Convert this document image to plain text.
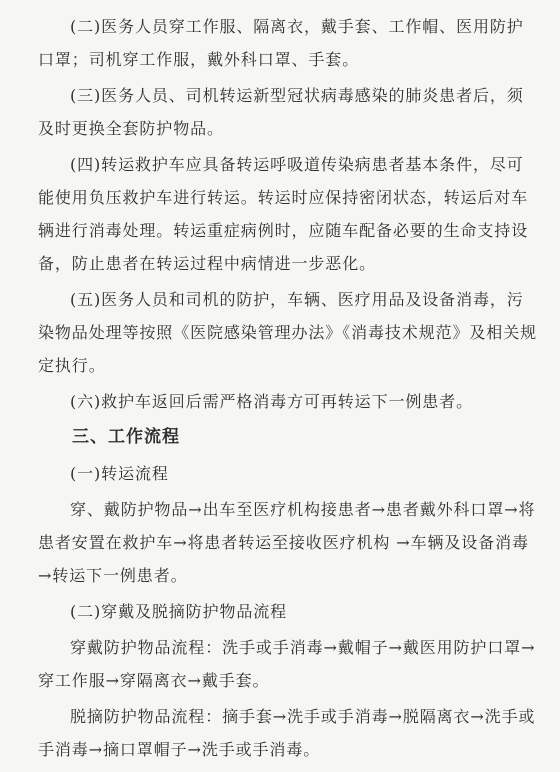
(二)医务人员穿工作服、隔离衣，戴手套、工作帽、医用防护口罩；司机穿工作服，戴外科口罩、手套。

(三)医务人员、司机转运新型冠状病毒感染的肺炎患者后，须及时更换全套防护物品。

(四)转运救护车应具备转运呼吸道传染病患者基本条件，尽可能使用负压救护车进行转运。转运时应保持密闭状态，转运后对车辆进行消毒处理。转运重症病例时，应随车配备必要的生命支持设备，防止患者在转运过程中病情进一步恶化。

(五)医务人员和司机的防护，车辆、医疗用品及设备消毒，污染物品处理等按照《医院感染管理办法》《消毒技术规范》及相关规定执行。

(六)救护车返回后需严格消毒方可再转运下一例患者。

三、工作流程

(一)转运流程

穿、戴防护物品→出车至医疗机构接患者→患者戴外科口罩→将患者安置在救护车→将患者转运至接收医疗机构 →车辆及设备消毒→转运下一例患者。

(二)穿戴及脱摘防护物品流程

穿戴防护物品流程：洗手或手消毒→戴帽子→戴医用防护口罩→穿工作服→穿隔离衣→戴手套。

脱摘防护物品流程：摘手套→洗手或手消毒→脱隔离衣→洗手或手消毒→摘口罩帽子→洗手或手消毒。
